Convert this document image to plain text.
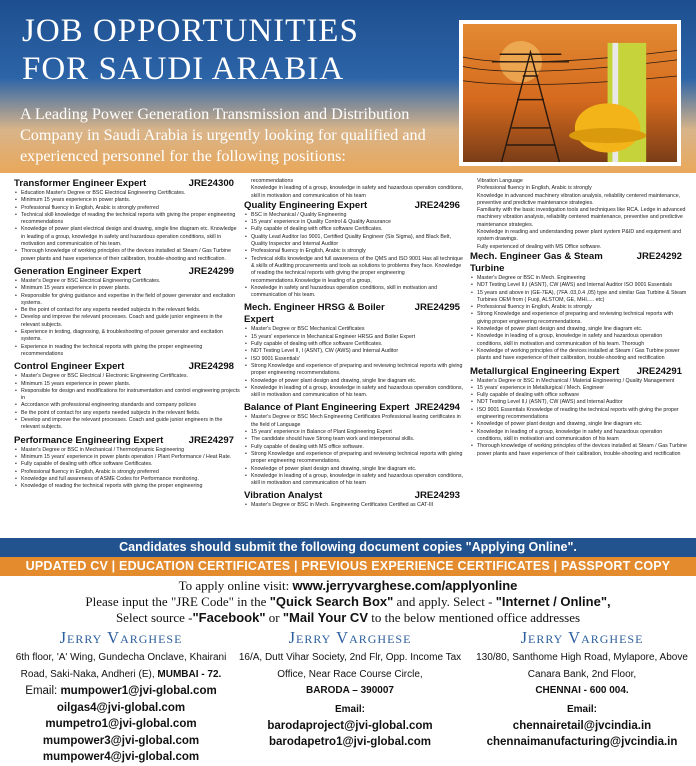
JOB OPPORTUNITIES
FOR SAUDI ARABIA
A Leading Power Generation Transmission and Distribution Company in Saudi Arabia is urgently looking for qualified and experienced personnel for the following positions:
Transformer Engineer Expert	JRE24300
• Education Master's Degree or BSC Electrical Engineering Certificates.
• Minimum 15 years experience in power plants.
• Professional fluency in English, Arabic is strongly preferred
• Technical skill knowledge of reading the technical reports with giving the proper engineering recommendations
• Knowledge of power plant electrical design and drawing, single line diagram etc. Knowledge in leading of a group, knowledge in safety and hazardous operation conditions, skill in motivation and communication of his team.
• Thorough knowledge of working principles of the devices installed at Steam / Gas Turbine power plants and have experience of their calibration, trouble-shooting and rectification.
Generation Engineer Expert	JRE24299
• Master's Degree or BSC Electrical Engineering Certificates.
• Minimum 15 years experience in power plants.
• Responsible for giving guidance and expertise in the field of power generator and excitation systems.
• Be the point of contact for any experts needed subjects in the relevant fields.
• Develop and improve the relevant processes. Coach and guide junior engineers in the relevant subjects.
• Experience in testing, diagnosing, & troubleshooting of power generator and excitation systems.
• Experience in reading the technical reports with giving the proper engineering recommendations
Control Engineer Expert	JRE24298
• Master's Degree or BSC Electrical / Electronic Engineering Certificates.
• Minimum 15 years experience in power plants.
• Responsible for design and modifications for instrumentation and control engineering projects in
• Accordance with professional engineering standards and company policies
• Be the point of contact for any experts needed subjects in the relevant fields.
• Develop and improve the relevant processes. Coach and guide junior engineers in the relevant subjects.
Performance Engineering Expert	JRE24297
• Master's Degree or BSC in Mechanical / Thermodynamic Engineering
• Minimum 15 years' experience in power plants operation / Plant Performance / Heat Rate.
• Fully capable of dealing with office software Certificates.
• Professional fluency in English, Arabic is strongly preferred
• Knowledge and full awareness of ASME Codes for Performance monitoring.
• Knowledge of reading the technical reports with giving the proper engineering
recommendations
Knowledge in leading of a group, knowledge in safety and hazardous operation conditions, skill in motivation and communication of his team
Quality Engineering Expert	JRE24296
• BSC in Mechanical / Quality Engineering
• 15 years' experience in Quality Control & Quality Assurance
• Fully capable of dealing with office software Certificates.
• Quality Lead Auditor Iso 9001, Certified Quality Engineer (Six Sigma), and Black Belt, Quality Inspector and Internal Auditor
• Professional fluency in English, Arabic is strongly
• Technical skills knowledge and full awareness of the QMS and ISO 9001 Has all technique & skills of Auditing procurements and tools as solutions to problems they face. Knowledge of reading the technical reports with giving the proper engineering recommendations.Knowledge in leading of a group,
• Knowledge in safety and hazardous operation conditions, skill in motivation and communication of his team.
Mech. Engineer HRSG & Boiler Expert
JRE24295
• Master's Degree or BSC Mechanical Certificates
• 15 years' experience in Mechanical Engineer HRSG and Boiler Expert
• Fully capable of dealing with office software Certificates.
• NDT Testing Level II, I (ASNT), CW (AWS) and Internal Auditor
• ISO 9001 Essentials'
• Strong Knowledge and experience of preparing and reviewing technical reports with giving proper engineering recommendations.
• Knowledge of power plant design and drawing, single line diagram etc.
• Knowledge in leading of a group, knowledge in safety and hazardous operation conditions, skill in motivation and communication of his team.
Balance of Plant Engineering Expert JRE24294
• Master's Degree or BSC Mech Engineering Certificates Professional learing certificates in the field of Language
• 15 years' experience in Balance of Plant Engineering Expert
• The candidate should have Strong team work and interpersonal skills.
• Fully capable of dealing with MS office software.
• Strong Knowledge and experience of preparing and reviewing technical reports with giving proper engineering recommendations.
• Knowledge of power plant design and drawing, single line diagram etc.
• Knowledge in leading of a group, knowledge in safety and hazardous operation conditions, skill in motivation and communication of his team
Vibration Analyst	JRE24293
• Master's Degree or BSC in Mech. Engineering Certificates Certified as CAT-III
Vibration Language
Professional fluency in English, Arabic is strongly
Knowledge in advanced machinery vibration analysis, reliability centered maintenance, preventive and predictive maintenance strategies.
Familiarity with the basic investigation tools and techniques like RCA. Ledge in advanced machinery vibration analysis, reliability centered maintenance, preventive and predictive maintenance strategies.
Knowledge in reading and understanding power plant system P&ID and equipment and system drawings.
Fully experienced of dealing with MS Office software.
Mech. Engineer Gas & Steam Turbine
JRE24292
• Master's Degree or BSC in Mech. Engineering
• NDT Testing Level II,I (ASNT), CW (AWS) and Internal Auditor ISO 9001 Essentials
• 15 years and above in (GE-7EA), (7FA .03,0.4 ,05) type and similar Gas Turbine & Steam Turbines OEM from ( Fuoji, ALSTOM, GE, MHI..... etc)
• Professional fluency in English, Arabic is strongly
• Strong Knowledge and experience of preparing and reviewing technical reports with giving proper engineering recommendations.
• Knowledge of power plant design and drawing, single line diagram etc.
• Knowledge in leading of a group, knowledge in safety and hazardous operation conditions, skill in motivation and communication of his team. Thorough
• Knowledge of working principles of the devices installed at Steam / Gas Turbine power plants and have experience of their calibration, trouble-shooting and rectification
Metallurgical Engineering Expert JRE24291
• Master's Degree or BSC in Mechanical / Material Engineering / Quality Management
• 15 years' experience in Metallurgical / Mech. Engineer
• Fully capable of dealing with office software
• NDT Testing Level II,I (ASNT), CW (AWS) and Internal Auditor
• ISO 9001 Essentials Knowledge of reading the technical reports with giving the proper engineering recommendations
• Knowledge of power plant design and drawing, single line diagram etc.
• Knowledge in leading of a group, knowledge in safety and hazardous operation conditions, skill in motivation and communication of his team
• Thorough knowledge of working principles of the devices installed at Steam / Gas Turbine power plants and have experience of their calibration, trouble-shooting and rectification
Candidates should submit the following document copies "Applying Online".
UPDATED CV | EDUCATION CERTIFICATES | PREVIOUS EXPERIENCE CERTIFICATES | PASSPORT COPY
To apply online visit: www.jerryvarghese.com/applyonline
Please input the "JRE Code" in the "Quick Search Box" and apply. Select - "Internet / Online",
Select source -"Facebook" or "Mail Your CV to the below mentioned office addresses
Jerry Varghese
6th floor, 'A' Wing, Gundecha Onclave, Khairani
Road, Saki-Naka, Andheri (E), MUMBAI - 72.
Email: mumpower1@jvi-global.com
oilgas4@jvi-global.com
mumpetro1@jvi-global.com
mumpower3@jvi-global.com
mumpower4@jvi-global.com
Jerry Varghese
16/A, Dutt Vihar Society, 2nd Flr, Opp. Income Tax
Office, Near Race Course Circle,
BARODA – 390007
Email:
barodaproject@jvi-global.com
barodapetro1@jvi-global.com
Jerry Varghese
130/80, Santhome High Road, Mylapore, Above
Canara Bank, 2nd Floor,
CHENNAI - 600 004.
Email:
chennairetail@jvcindia.in
chennaimanufacturing@jvcindia.in
